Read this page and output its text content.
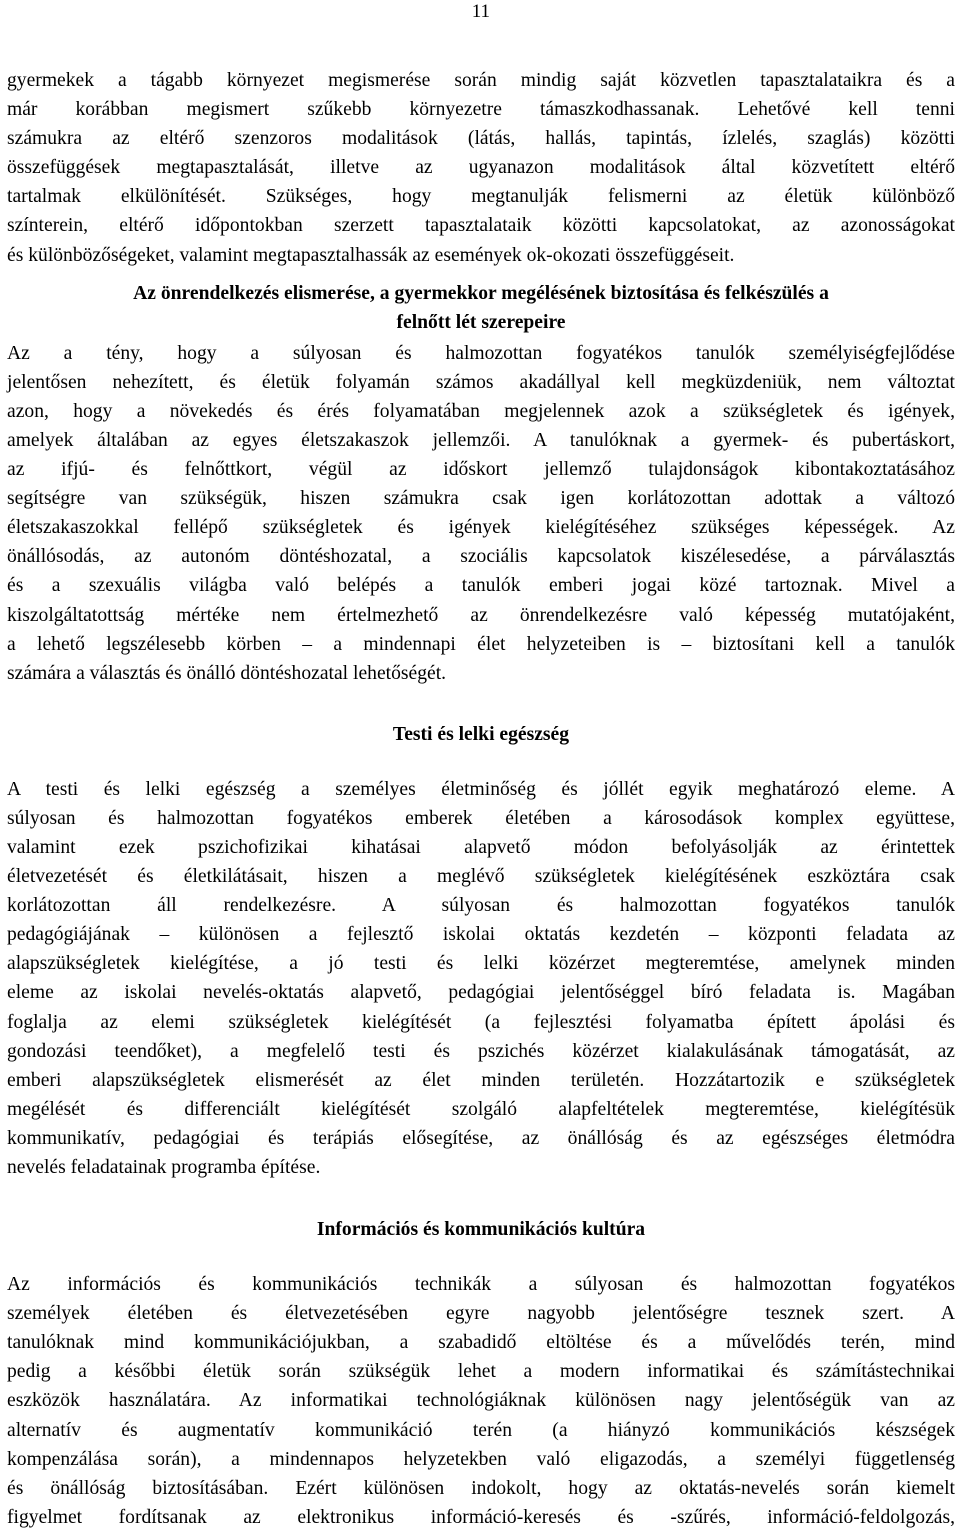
11

gyermekek a tágabb környezet megismerése során mindig saját közvetlen tapasztalataikra és a
már korábban megismert szűkebb környezetre támaszkodhassanak. Lehetővé kell tenni
számukra az eltérő szenzoros modalitások (látás, hallás, tapintás, ízlelés, szaglás) közötti
összefüggések megtapasztalását, illetve az ugyanazon modalitások által közvetített eltérő
tartalmak elkülönítését. Szükséges, hogy megtanulják felismerni az életük különböző
színterein, eltérő időpontokban szerzett tapasztalataik közötti kapcsolatokat, az azonosságokat
és különbözőségeket, valamint megtapasztalhassák az események ok-okozati összefüggéseit.

Az önrendelkezés elismerése, a gyermekkor megélésének biztosítása és felkészülés a
felnőtt lét szerepeire

Az a tény, hogy a súlyosan és halmozottan fogyatékos tanulók személyiségfejlődése
jelentősen nehezített, és életük folyamán számos akadállyal kell megküzdeniük, nem változtat
azon, hogy a növekedés és érés folyamatában megjelennek azok a szükségletek és igények,
amelyek általában az egyes életszakaszok jellemzői. A tanulóknak a gyermek- és pubertáskort,
az ifjú- és felnőttkort, végül az időskort jellemző tulajdonságok kibontakoztatásához
segítségre van szükségük, hiszen számukra csak igen korlátozottan adottak a változó
életszakaszokkal fellépő szükségletek és igények kielégítéséhez szükséges képességek. Az
önállósodás, az autonóm döntéshozatal, a szociális kapcsolatok kiszélesedése, a párválasztás
és a szexuális világba való belépés a tanulók emberi jogai közé tartoznak. Mivel a
kiszolgáltatottság mértéke nem értelmezhető az önrendelkezésre való képesség mutatójaként,
a lehető legszélesebb körben – a mindennapi élet helyzeteiben is – biztosítani kell a tanulók
számára a választás és önálló döntéshozatal lehetőségét.

Testi és lelki egészség

A testi és lelki egészség a személyes életminőség és jóllét egyik meghatározó eleme. A
súlyosan és halmozottan fogyatékos emberek életében a károsodások komplex együttese,
valamint ezek pszichofizikai kihatásai alapvető módon befolyásolják az érintettek
életvezetését és életkilátásait, hiszen a meglévő szükségletek kielégítésének eszköztára csak
korlátozottan áll rendelkezésre. A súlyosan és halmozottan fogyatékos tanulók
pedagógiájának – különösen a fejlesztő iskolai oktatás kezdetén – központi feladata az
alapszükségletek kielégítése, a jó testi és lelki közérzet megteremtése, amelynek minden
eleme az iskolai nevelés-oktatás alapvető, pedagógiai jelentőséggel bíró feladata is. Magában
foglalja az elemi szükségletek kielégítését (a fejlesztési folyamatba épített ápolási és
gondozási teendőket), a megfelelő testi és pszichés közérzet kialakulásának támogatását, az
emberi alapszükségletek elismerését az élet minden területén. Hozzátartozik e szükségletek
megélését és differenciált kielégítését szolgáló alapfeltételek megteremtése, kielégítésük
kommunikatív, pedagógiai és terápiás elősegítése, az önállóság és az egészséges életmódra
nevelés feladatainak programba építése.

Információs és kommunikációs kultúra

Az információs és kommunikációs technikák a súlyosan és halmozottan fogyatékos
személyek életében és életvezetésében egyre nagyobb jelentőségre tesznek szert. A
tanulóknak mind kommunikációjukban, a szabadidő eltöltése és a művelődés terén, mind
pedig a későbbi életük során szükségük lehet a modern informatikai és számítástechnikai
eszközök használatára. Az informatikai technológiáknak különösen nagy jelentőségük van az
alternatív és augmentatív kommunikáció terén (a hiányzó kommunikációs készségek
kompenzálása során), a mindennapos helyzetekben való eligazodás, a személyi függetlenség
és önállóság biztosításában. Ezért különösen indokolt, hogy az oktatás-nevelés során kiemelt
figyelmet fordítsanak az elektronikus információ-keresés és -szűrés, információ-feldolgozás,
